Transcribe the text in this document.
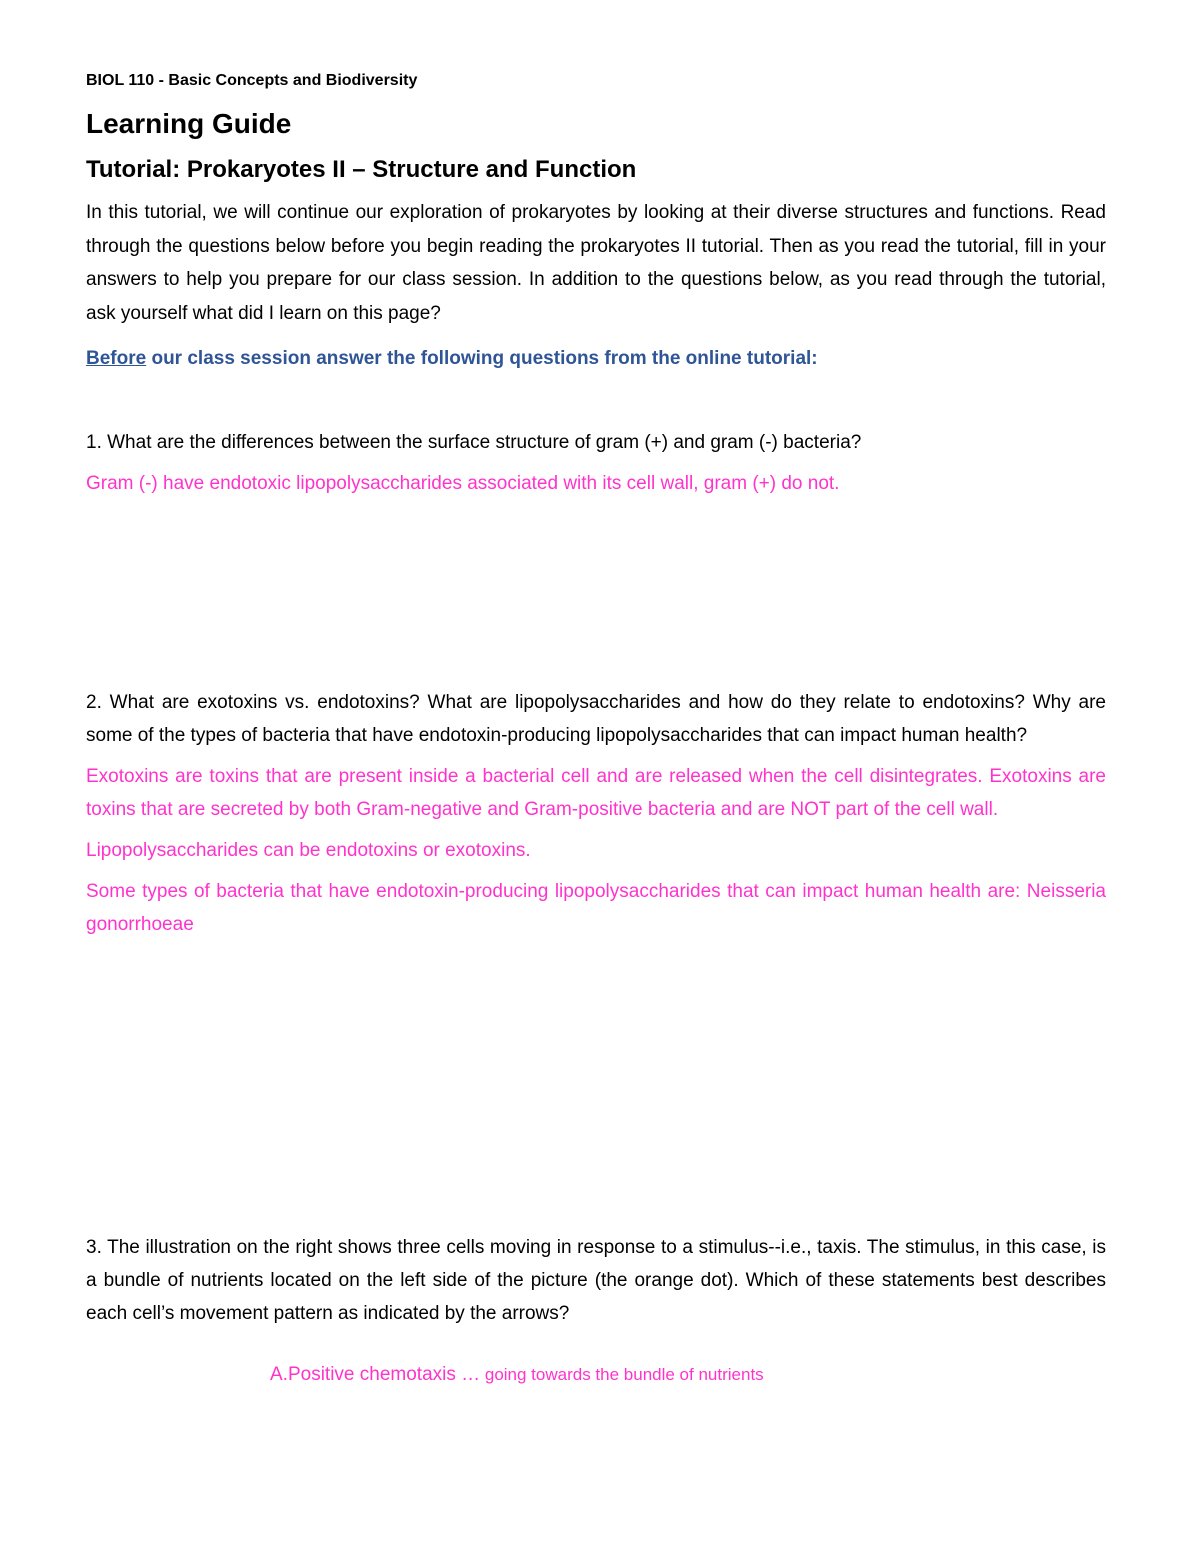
BIOL 110 - Basic Concepts and Biodiversity

Learning Guide
Tutorial: Prokaryotes II – Structure and Function

In this tutorial, we will continue our exploration of prokaryotes by looking at their diverse structures and functions. Read through the questions below before you begin reading the prokaryotes II tutorial. Then as you read the tutorial, fill in your answers to help you prepare for our class session. In addition to the questions below, as you read through the tutorial, ask yourself what did I learn on this page?

Before our class session answer the following questions from the online tutorial:

1. What are the differences between the surface structure of gram (+) and gram (-) bacteria?

Gram (-) have endotoxic lipopolysaccharides associated with its cell wall, gram (+) do not.

2. What are exotoxins vs. endotoxins? What are lipopolysaccharides and how do they relate to endotoxins? Why are some of the types of bacteria that have endotoxin-producing lipopolysaccharides that can impact human health?

Exotoxins are toxins that are present inside a bacterial cell and are released when the cell disintegrates. Exotoxins are toxins that are secreted by both Gram-negative and Gram-positive bacteria and are NOT part of the cell wall.

Lipopolysaccharides can be endotoxins or exotoxins.

Some types of bacteria that have endotoxin-producing lipopolysaccharides that can impact human health are: Neisseria gonorrhoeae

3. The illustration on the right shows three cells moving in response to a stimulus--i.e., taxis. The stimulus, in this case, is a bundle of nutrients located on the left side of the picture (the orange dot). Which of these statements best describes each cell’s movement pattern as indicated by the arrows?

A.Positive chemotaxis … going towards the bundle of nutrients
